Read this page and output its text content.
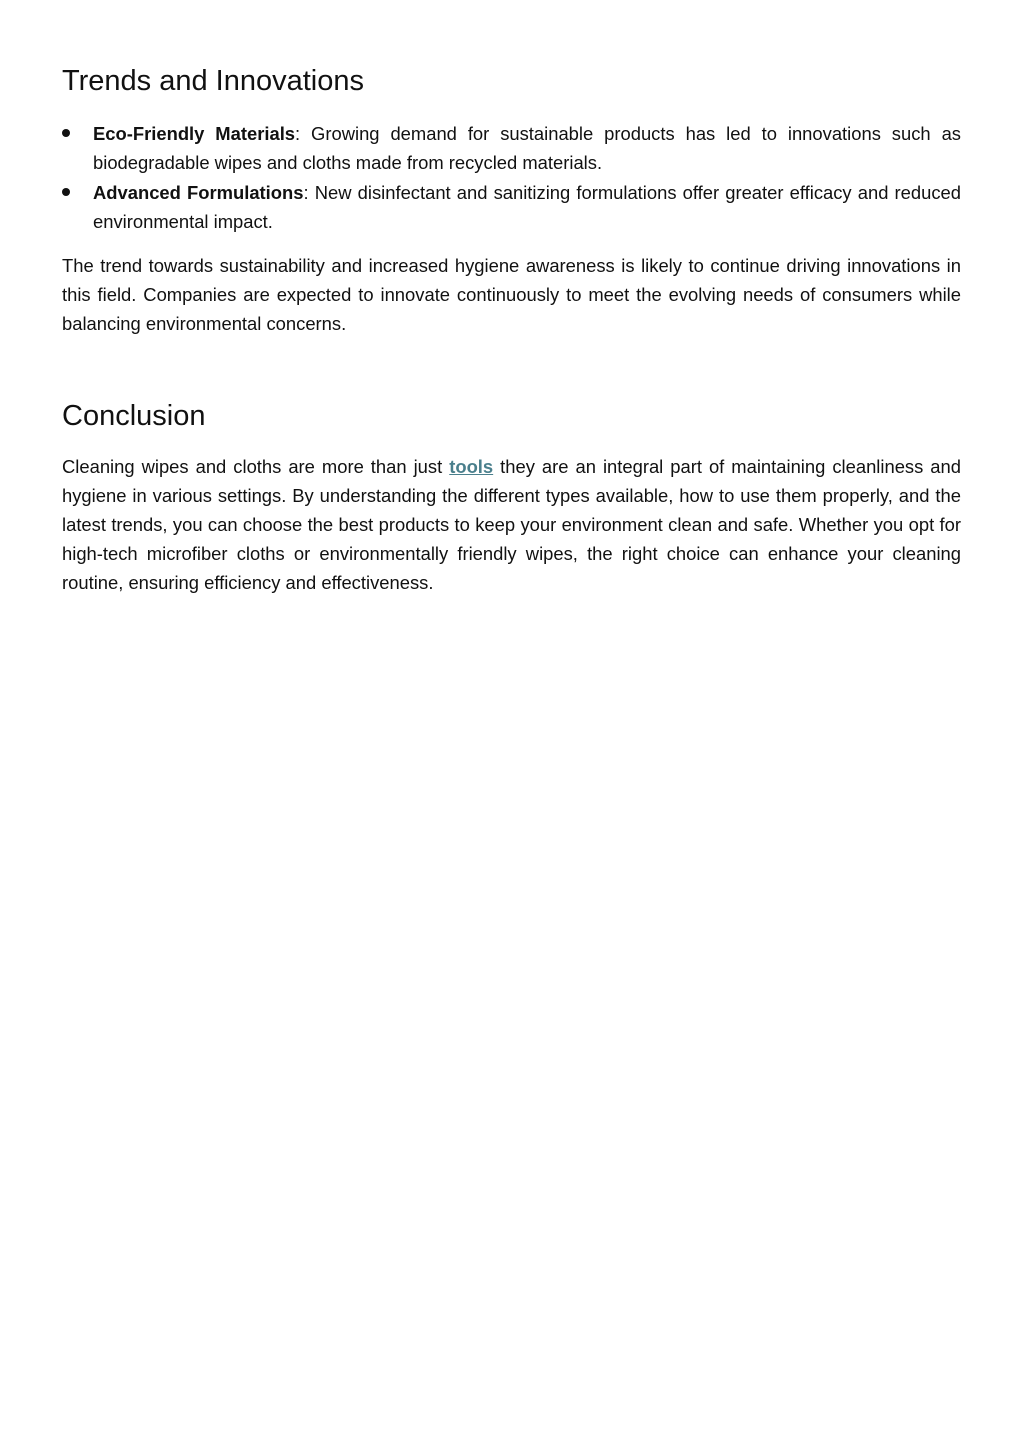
Trends and Innovations
Eco-Friendly Materials: Growing demand for sustainable products has led to innovations such as biodegradable wipes and cloths made from recycled materials.
Advanced Formulations: New disinfectant and sanitizing formulations offer greater efficacy and reduced environmental impact.

The trend towards sustainability and increased hygiene awareness is likely to continue driving innovations in this field. Companies are expected to innovate continuously to meet the evolving needs of consumers while balancing environmental concerns.

Conclusion

Cleaning wipes and cloths are more than just tools they are an integral part of maintaining cleanliness and hygiene in various settings. By understanding the different types available, how to use them properly, and the latest trends, you can choose the best products to keep your environment clean and safe. Whether you opt for high-tech microfiber cloths or environmentally friendly wipes, the right choice can enhance your cleaning routine, ensuring efficiency and effectiveness.
